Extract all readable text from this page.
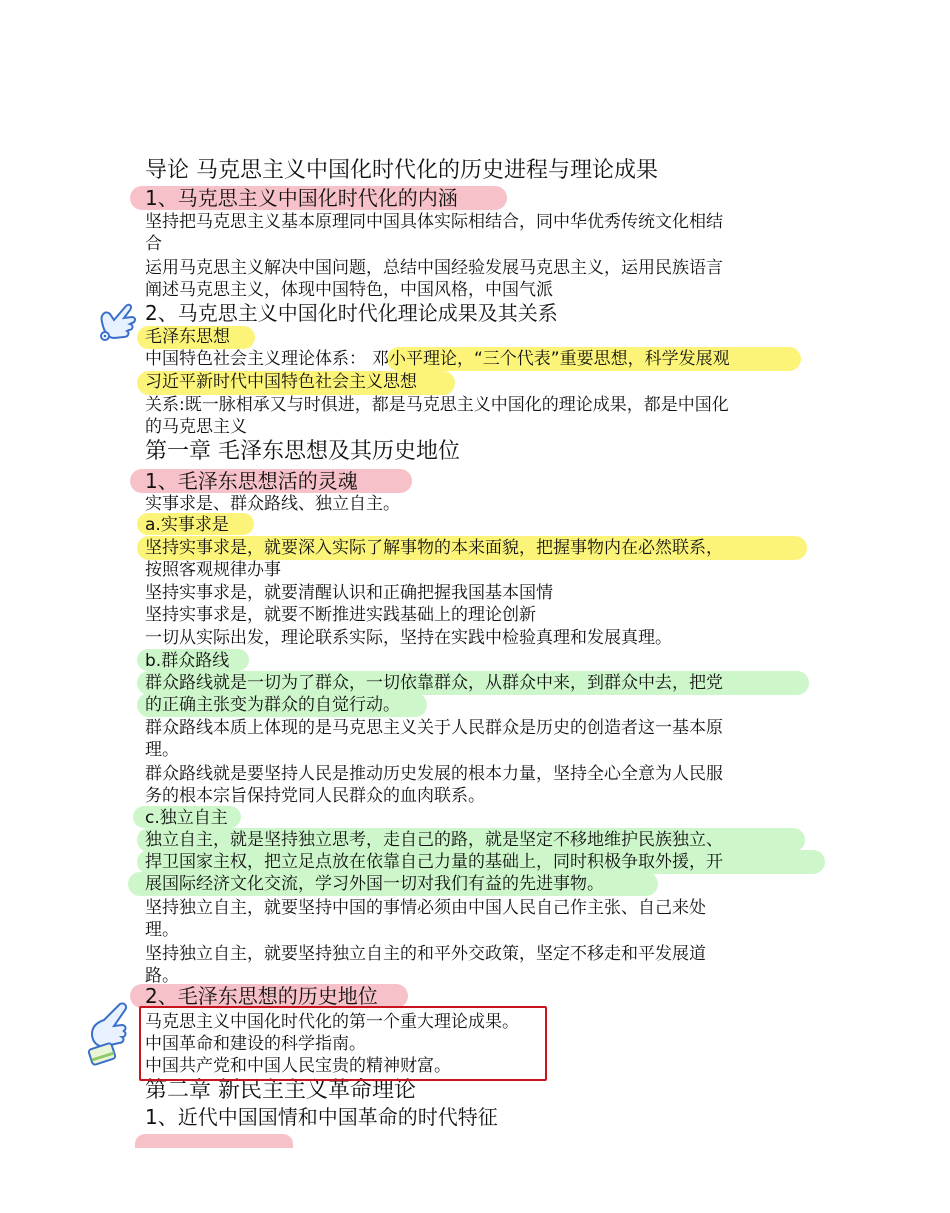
导论 马克思主义中国化时代化的历史进程与理论成果
1、马克思主义中国化时代化的内涵
坚持把马克思主义基本原理同中国具体实际相结合，同中华优秀传统文化相结
合
运用马克思主义解决中国问题，总结中国经验发展马克思主义，运用民族语言
阐述马克思主义，体现中国特色，中国风格，中国气派
2、马克思主义中国化时代化理论成果及其关系
毛泽东思想
中国特色社会主义理论体系： 邓小平理论，“三个代表”重要思想，科学发展观
习近平新时代中国特色社会主义思想
关系:既一脉相承又与时俱进，都是马克思主义中国化的理论成果，都是中国化
的马克思主义
第一章 毛泽东思想及其历史地位
1、毛泽东思想活的灵魂
实事求是、群众路线、独立自主。
a.实事求是
坚持实事求是，就要深入实际了解事物的本来面貌，把握事物内在必然联系，
按照客观规律办事
坚持实事求是，就要清醒认识和正确把握我国基本国情
坚持实事求是，就要不断推进实践基础上的理论创新
一切从实际出发，理论联系实际，坚持在实践中检验真理和发展真理。
b.群众路线
群众路线就是一切为了群众，一切依靠群众，从群众中来，到群众中去，把党
的正确主张变为群众的自觉行动。
群众路线本质上体现的是马克思主义关于人民群众是历史的创造者这一基本原
理。
群众路线就是要坚持人民是推动历史发展的根本力量，坚持全心全意为人民服
务的根本宗旨保持党同人民群众的血肉联系。
c.独立自主
独立自主，就是坚持独立思考，走自己的路，就是坚定不移地维护民族独立、
捍卫国家主权，把立足点放在依靠自己力量的基础上，同时积极争取外援，开
展国际经济文化交流，学习外国一切对我们有益的先进事物。
坚持独立自主，就要坚持中国的事情必须由中国人民自己作主张、自己来处
理。
坚持独立自主，就要坚持独立自主的和平外交政策，坚定不移走和平发展道
路。
2、毛泽东思想的历史地位
马克思主义中国化时代化的第一个重大理论成果。
中国革命和建设的科学指南。
中国共产党和中国人民宝贵的精神财富。
第二章 新民主主义革命理论
1、近代中国国情和中国革命的时代特征
